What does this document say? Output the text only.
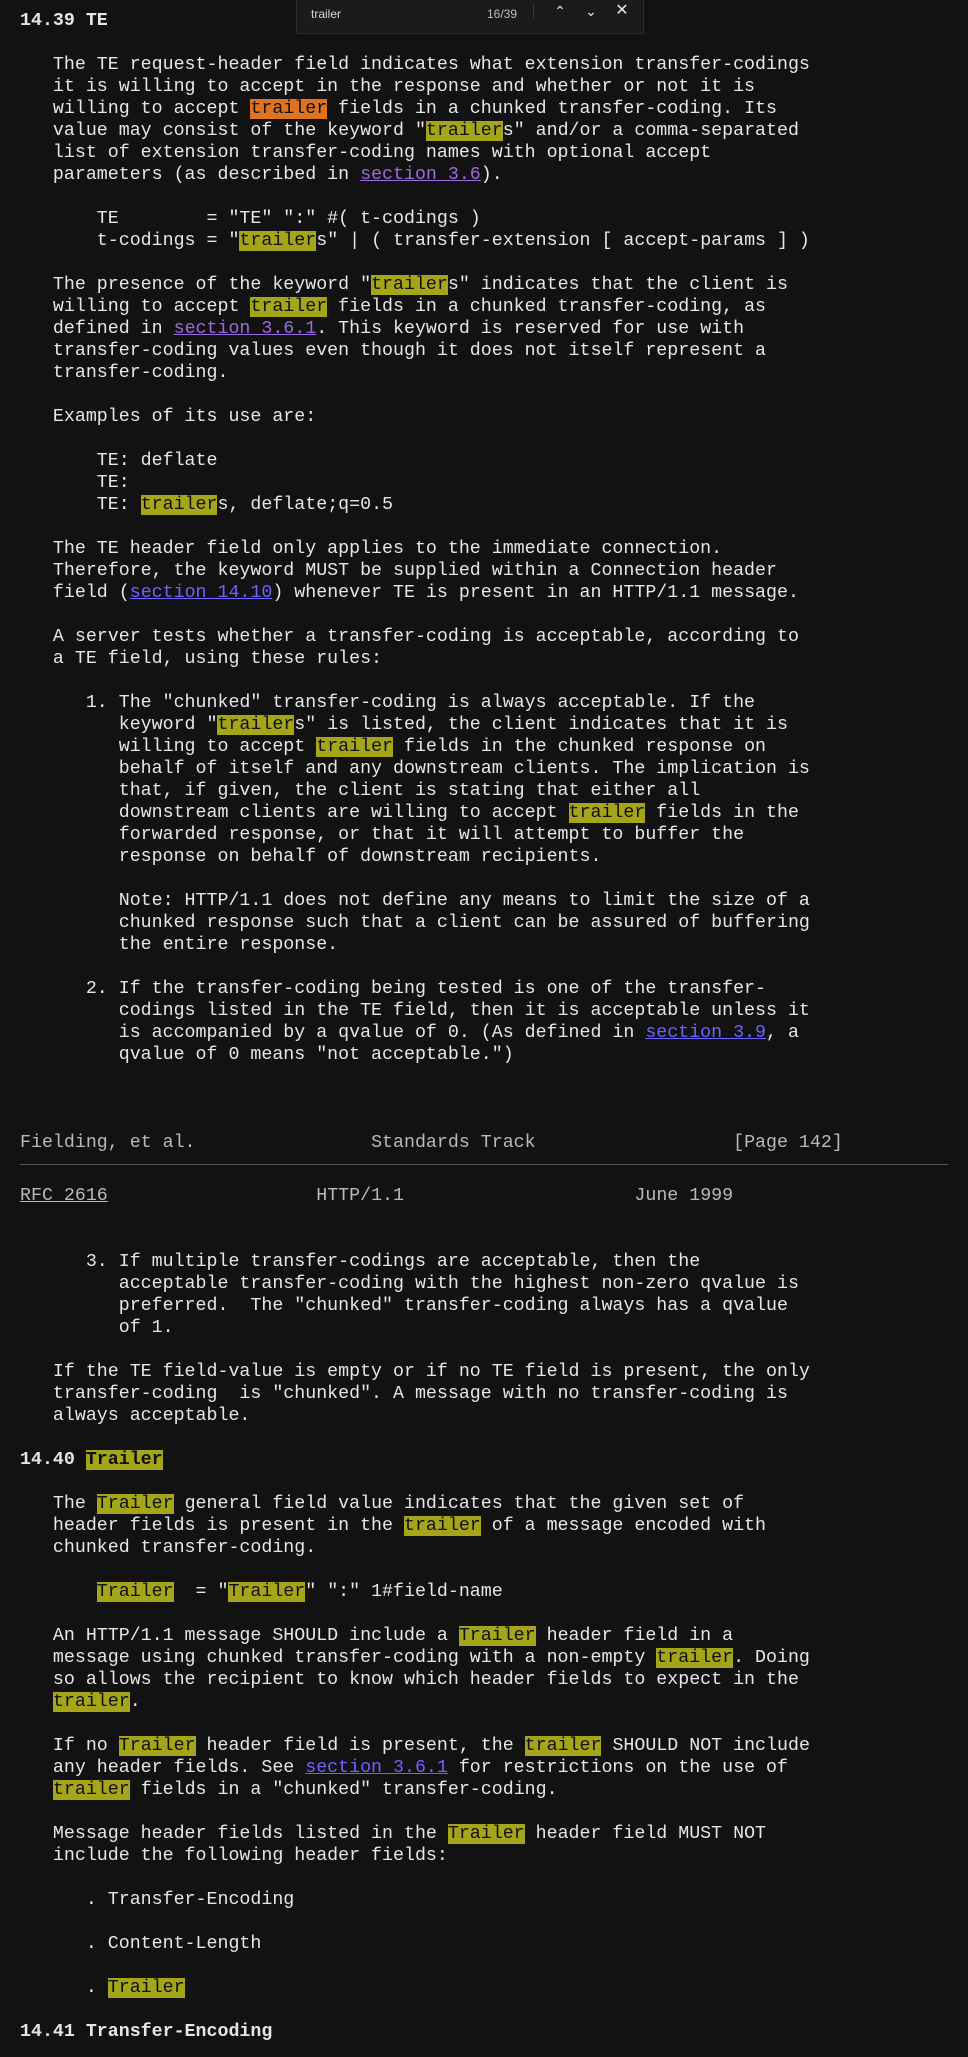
trailer	16/39	⌃	⌄	✕
14.39 TE
The TE request-header field indicates what extension transfer-codings
it is willing to accept in the response and whether or not it is
willing to accept trailer fields in a chunked transfer-coding. Its
value may consist of the keyword "trailers" and/or a comma-separated
list of extension transfer-coding names with optional accept
parameters (as described in section 3.6).
TE        = "TE" ":" #( t-codings )
t-codings = "trailers" | ( transfer-extension [ accept-params ] )
The presence of the keyword "trailers" indicates that the client is
willing to accept trailer fields in a chunked transfer-coding, as
defined in section 3.6.1. This keyword is reserved for use with
transfer-coding values even though it does not itself represent a
transfer-coding.
Examples of its use are:
TE: deflate
TE:
TE: trailers, deflate;q=0.5
The TE header field only applies to the immediate connection.
Therefore, the keyword MUST be supplied within a Connection header
field (section 14.10) whenever TE is present in an HTTP/1.1 message.
A server tests whether a transfer-coding is acceptable, according to
a TE field, using these rules:
1. The "chunked" transfer-coding is always acceptable. If the
keyword "trailers" is listed, the client indicates that it is
willing to accept trailer fields in the chunked response on
behalf of itself and any downstream clients. The implication is
that, if given, the client is stating that either all
downstream clients are willing to accept trailer fields in the
forwarded response, or that it will attempt to buffer the
response on behalf of downstream recipients.
Note: HTTP/1.1 does not define any means to limit the size of a
chunked response such that a client can be assured of buffering
the entire response.
2. If the transfer-coding being tested is one of the transfer-
codings listed in the TE field, then it is acceptable unless it
is accompanied by a qvalue of 0. (As defined in section 3.9, a
qvalue of 0 means "not acceptable.")
Fielding, et al.	Standards Track	[Page 142]
RFC 2616	HTTP/1.1	June 1999
3. If multiple transfer-codings are acceptable, then the
acceptable transfer-coding with the highest non-zero qvalue is
preferred.  The "chunked" transfer-coding always has a qvalue
of 1.
If the TE field-value is empty or if no TE field is present, the only
transfer-coding  is "chunked". A message with no transfer-coding is
always acceptable.
14.40 Trailer
The Trailer general field value indicates that the given set of
header fields is present in the trailer of a message encoded with
chunked transfer-coding.
Trailer  = "Trailer" ":" 1#field-name
An HTTP/1.1 message SHOULD include a Trailer header field in a
message using chunked transfer-coding with a non-empty trailer. Doing
so allows the recipient to know which header fields to expect in the
trailer.
If no Trailer header field is present, the trailer SHOULD NOT include
any header fields. See section 3.6.1 for restrictions on the use of
trailer fields in a "chunked" transfer-coding.
Message header fields listed in the Trailer header field MUST NOT
include the following header fields:
. Transfer-Encoding
. Content-Length
. Trailer
14.41 Transfer-Encoding
